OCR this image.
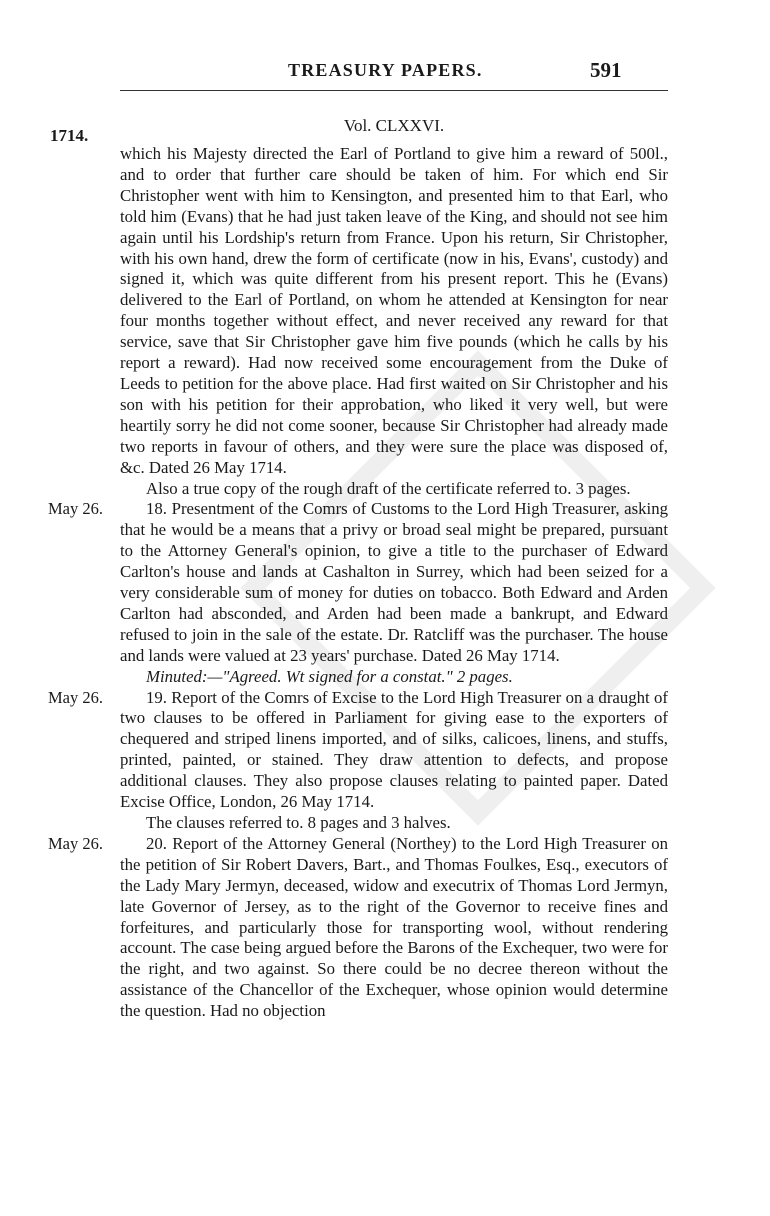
TREASURY PAPERS.	591
1714.
Vol. CLXXVI.

which his Majesty directed the Earl of Portland to give him a reward of 500l., and to order that further care should be taken of him. For which end Sir Christopher went with him to Kensington, and presented him to that Earl, who told him (Evans) that he had just taken leave of the King, and should not see him again until his Lordship's return from France. Upon his return, Sir Christopher, with his own hand, drew the form of certificate (now in his, Evans', custody) and signed it, which was quite different from his present report. This he (Evans) delivered to the Earl of Portland, on whom he attended at Kensington for near four months together without effect, and never received any reward for that service, save that Sir Christopher gave him five pounds (which he calls by his report a reward). Had now received some encouragement from the Duke of Leeds to petition for the above place. Had first waited on Sir Christopher and his son with his petition for their approbation, who liked it very well, but were heartily sorry he did not come sooner, because Sir Christopher had already made two reports in favour of others, and they were sure the place was disposed of, &c. Dated 26 May 1714.

Also a true copy of the rough draft of the certificate referred to. 3 pages.

May 26.	18. Presentment of the Comrs of Customs to the Lord High Treasurer, asking that he would be a means that a privy or broad seal might be prepared, pursuant to the Attorney General's opinion, to give a title to the purchaser of Edward Carlton's house and lands at Cashalton in Surrey, which had been seized for a very considerable sum of money for duties on tobacco. Both Edward and Arden Carlton had absconded, and Arden had been made a bankrupt, and Edward refused to join in the sale of the estate. Dr. Ratcliff was the purchaser. The house and lands were valued at 23 years' purchase. Dated 26 May 1714.

Minuted:—"Agreed. Wt signed for a constat." 2 pages.

May 26.	19. Report of the Comrs of Excise to the Lord High Treasurer on a draught of two clauses to be offered in Parliament for giving ease to the exporters of chequered and striped linens imported, and of silks, calicoes, linens, and stuffs, printed, painted, or stained. They draw attention to defects, and propose additional clauses. They also propose clauses relating to painted paper. Dated Excise Office, London, 26 May 1714.

The clauses referred to. 8 pages and 3 halves.

May 26.	20. Report of the Attorney General (Northey) to the Lord High Treasurer on the petition of Sir Robert Davers, Bart., and Thomas Foulkes, Esq., executors of the Lady Mary Jermyn, deceased, widow and executrix of Thomas Lord Jermyn, late Governor of Jersey, as to the right of the Governor to receive fines and forfeitures, and particularly those for transporting wool, without rendering account. The case being argued before the Barons of the Exchequer, two were for the right, and two against. So there could be no decree thereon without the assistance of the Chancellor of the Exchequer, whose opinion would determine the question. Had no objection
